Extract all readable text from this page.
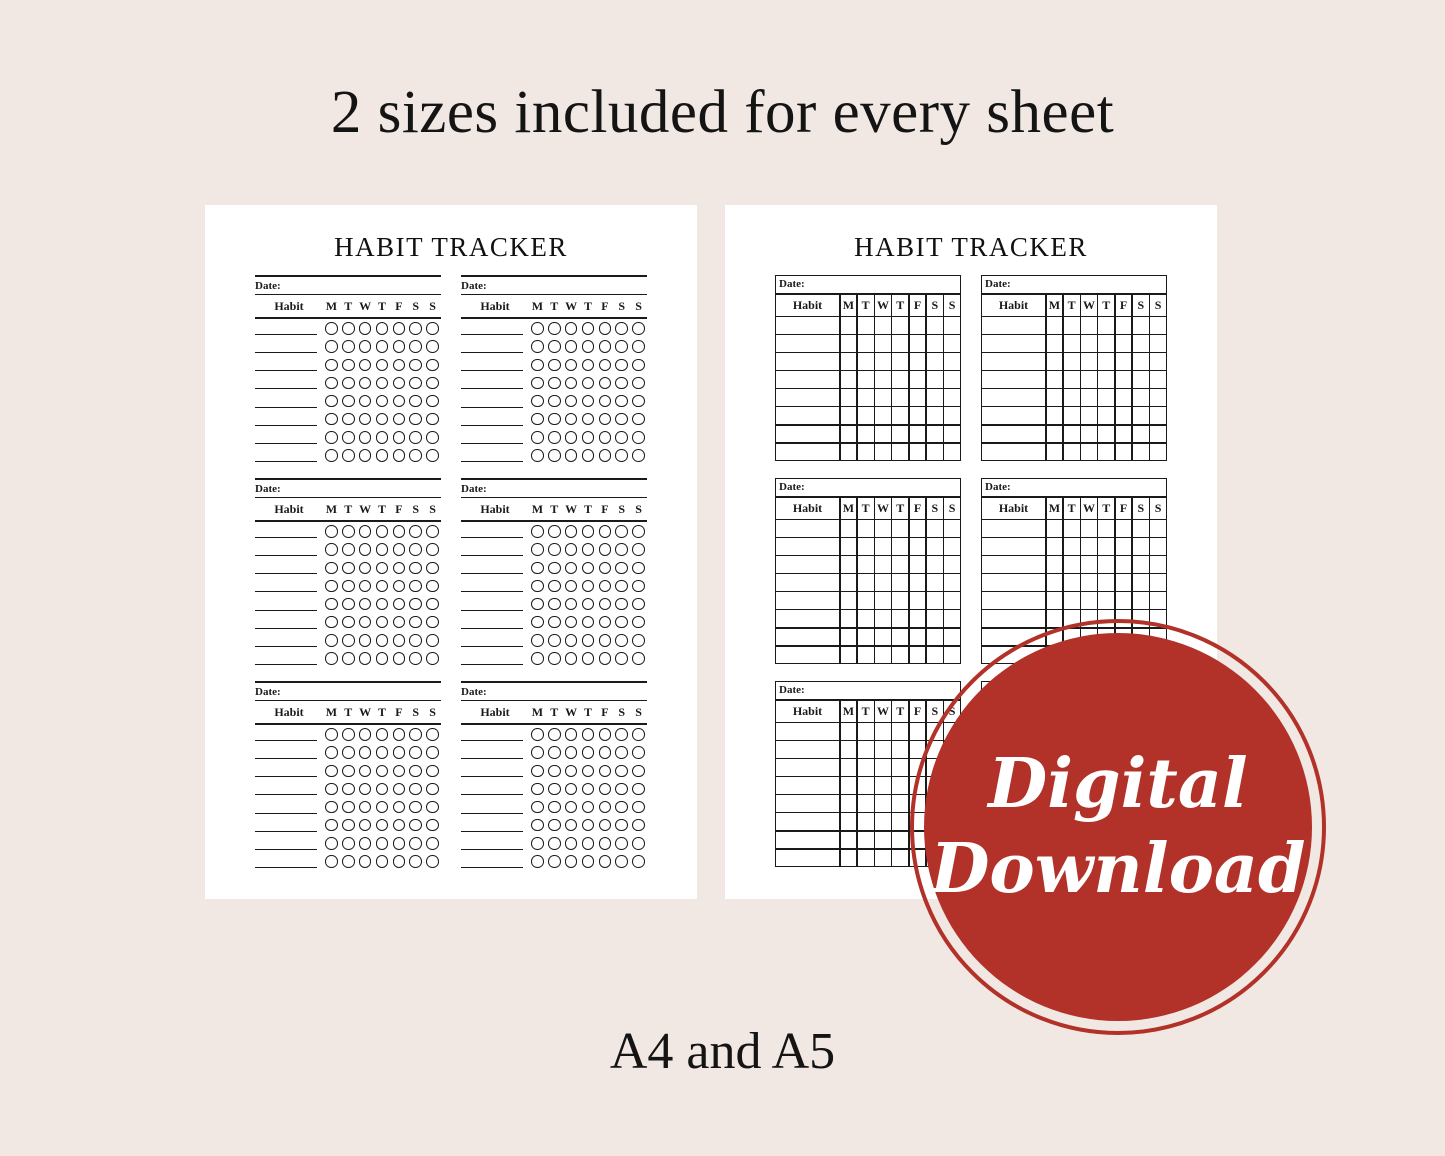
2 sizes included for every sheet
HABIT TRACKER
Date:
Habit	M T W T F S S
Date:
Habit	M T W T F S S
Date:
Habit	M T W T F S S
Date:
Habit	M T W T F S S
Date:
Habit	M T W T F S S
Date:
Habit	M T W T F S S
HABIT TRACKER
Date:
Habit	M T W T F S S
Date:
Habit	M T W T F S S
Date:
Habit	M T W T F S S
Date:
Habit	M T W T F S S
Date:
Habit	M T W T F S S
Digital
Download
A4 and A5
